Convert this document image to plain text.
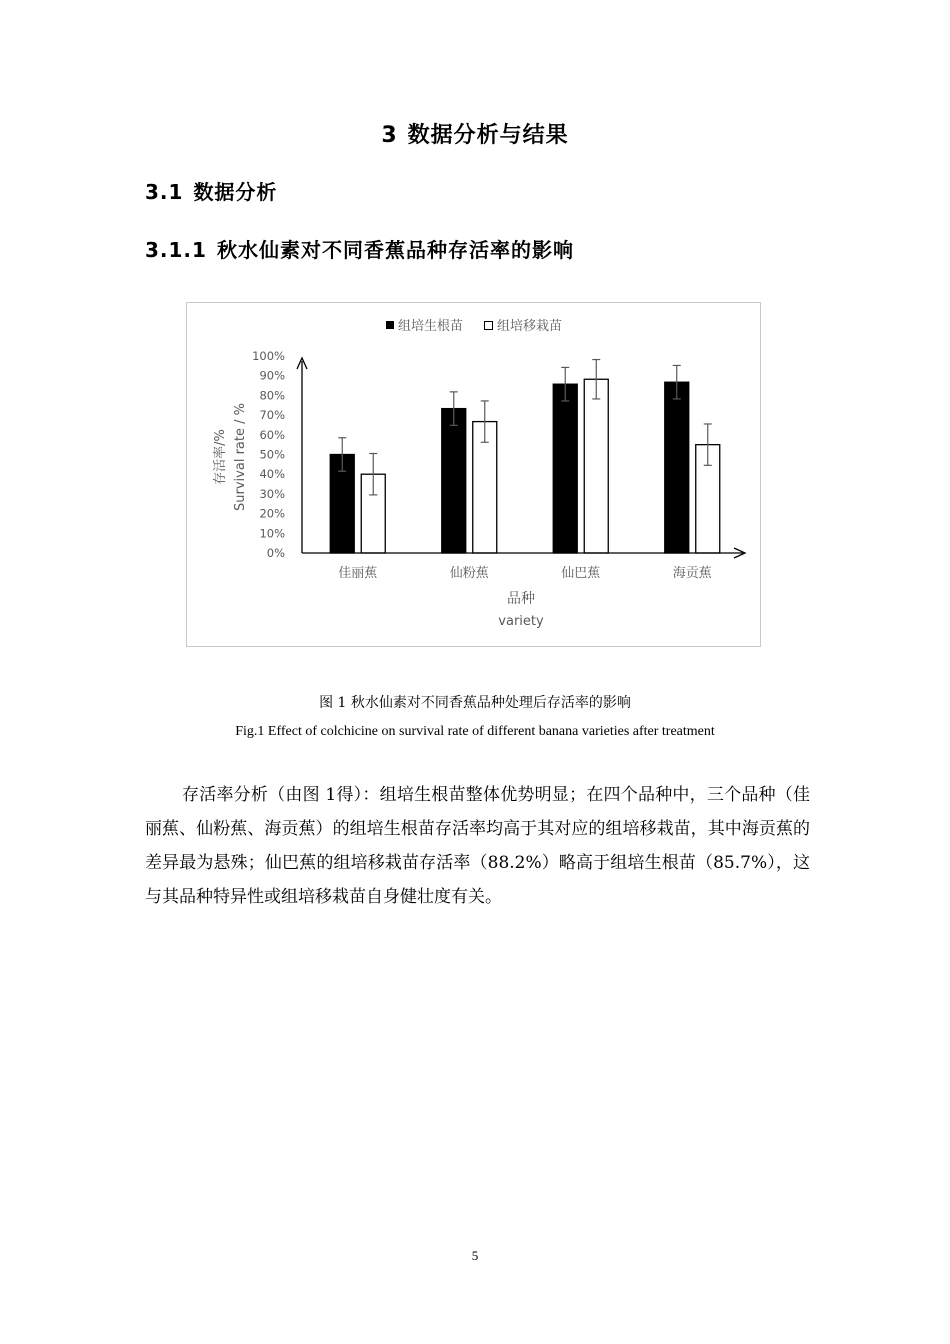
3 数据分析与结果
3.1 数据分析
3.1.1 秋水仙素对不同香蕉品种存活率的影响
组培生根苗	组培移栽苗
0%
10%
20%
30%
40%
50%
60%
70%
80%
90%
100%
佳丽蕉	仙粉蕉	仙巴蕉	海贡蕉
存活率/% Survival rate / %
品种
variety
图 1 秋水仙素对不同香蕉品种处理后存活率的影响
Fig.1 Effect of colchicine on survival rate of different banana varieties after treatment

存活率分析（由图 1得）：组培生根苗整体优势明显；在四个品种中，三个品种（佳丽蕉、仙粉蕉、海贡蕉）的组培生根苗存活率均高于其对应的组培移栽苗，其中海贡蕉的差异最为悬殊；仙巴蕉的组培移栽苗存活率（88.2%）略高于组培生根苗（85.7%），这与其品种特异性或组培移栽苗自身健壮度有关。

5
